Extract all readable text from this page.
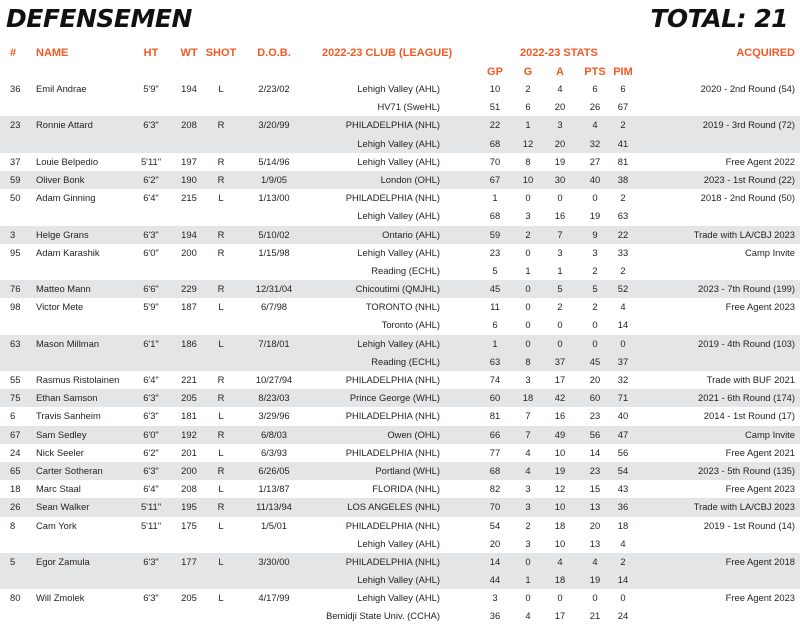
DEFENSEMEN	TOTAL: 21
# NAME	HT	WT SHOT	D.O.B.	2022-23 CLUB (LEAGUE)	2022-23 STATS	ACQUIRED
GP	G	A	PTS PIM
36 Emil Andrae	5'9"	194	L	2/23/02	Lehigh Valley (AHL)	10	2	4	6	6	2020 - 2nd Round (54)
HV71 (SweHL)	51	6	20	26	67
23 Ronnie Attard	6'3"	208	R	3/20/99	PHILADELPHIA (NHL)	22	1	3	4	2	2019 - 3rd Round (72)
Lehigh Valley (AHL)	68	12	20	32	41
37 Louie Belpedio	5'11"	197	R	5/14/96	Lehigh Valley (AHL)	70	8	19	27	81	Free Agent 2022
59 Oliver Bonk	6'2"	190	R	1/9/05	London (OHL)	67	10	30	40	38	2023 - 1st Round (22)
50 Adam Ginning	6'4"	215	L	1/13/00	PHILADELPHIA (NHL)	1	0	0	0	2	2018 - 2nd Round (50)
Lehigh Valley (AHL)	68	3	16	19	63
3 Helge Grans	6'3"	194	R	5/10/02	Ontario (AHL)	59	2	7	9	22	Trade with LA/CBJ 2023
95 Adam Karashik	6'0"	200	R	1/15/98	Lehigh Valley (AHL)	23	0	3	3	33	Camp Invite
Reading (ECHL)	5	1	1	2	2
76 Matteo Mann	6'6"	229	R	12/31/04	Chicoutimi (QMJHL)	45	0	5	5	52	2023 - 7th Round (199)
98 Victor Mete	5'9"	187	L	6/7/98	TORONTO (NHL)	11	0	2	2	4	Free Agent 2023
Toronto (AHL)	6	0	0	0	14
63 Mason Millman	6'1"	186	L	7/18/01	Lehigh Valley (AHL)	1	0	0	0	0	2019 - 4th Round (103)
Reading (ECHL)	63	8	37	45	37
55 Rasmus Ristolainen	6'4"	221	R	10/27/94	PHILADELPHIA (NHL)	74	3	17	20	32	Trade with BUF 2021
75 Ethan Samson	6'3"	205	R	8/23/03	Prince George (WHL)	60	18	42	60	71	2021 - 6th Round (174)
6 Travis Sanheim	6'3"	181	L	3/29/96	PHILADELPHIA (NHL)	81	7	16	23	40	2014 - 1st Round (17)
67 Sam Sedley	6'0"	192	R	6/8/03	Owen (OHL)	66	7	49	56	47	Camp Invite
24 Nick Seeler	6'2"	201	L	6/3/93	PHILADELPHIA (NHL)	77	4	10	14	56	Free Agent 2021
65 Carter Sotheran	6'3"	200	R	6/26/05	Portland (WHL)	68	4	19	23	54	2023 - 5th Round (135)
18 Marc Staal	6'4"	208	L	1/13/87	FLORIDA (NHL)	82	3	12	15	43	Free Agent 2023
26 Sean Walker	5'11"	195	R	11/13/94	LOS ANGELES (NHL)	70	3	10	13	36	Trade with LA/CBJ 2023
8 Cam York	5'11"	175	L	1/5/01	PHILADELPHIA (NHL)	54	2	18	20	18	2019 - 1st Round (14)
Lehigh Valley (AHL)	20	3	10	13	4
5 Egor Zamula	6'3"	177	L	3/30/00	PHILADELPHIA (NHL)	14	0	4	4	2	Free Agent 2018
Lehigh Valley (AHL)	44	1	18	19	14
80 Will Zmolek	6'3"	205	L	4/17/99	Lehigh Valley (AHL)	3	0	0	0	0	Free Agent 2023
Bemidji State Univ. (CCHA)	36	4	17	21	24
